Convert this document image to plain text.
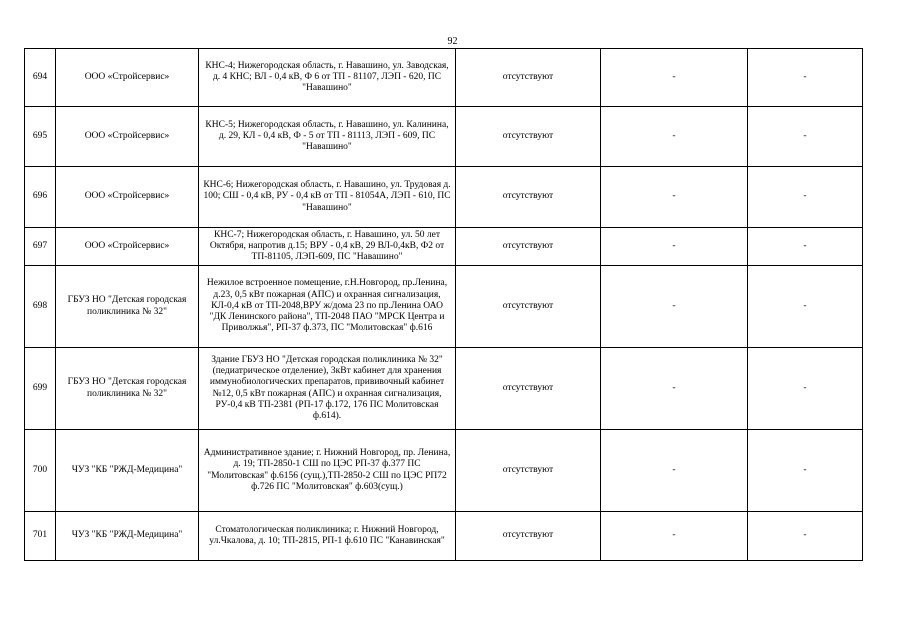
92
694	ООО «Стройсервис»	КНС-4; Нижегородская область, г. Навашино, ул. Заводская, д. 4 КНС; ВЛ - 0,4 кВ, Ф 6 от ТП - 81107, ЛЭП - 620, ПС "Навашино"	отсутствуют	-	-
695	ООО «Стройсервис»	КНС-5; Нижегородская область, г. Навашино, ул. Калинина, д. 29, КЛ - 0,4 кВ, Ф - 5 от ТП - 81113, ЛЭП - 609, ПС "Навашино"	отсутствуют	-	-
696	ООО «Стройсервис»	КНС-6; Нижегородская область, г. Навашино, ул. Трудовая д. 100; СШ - 0,4 кВ, РУ - 0,4 кВ от ТП - 81054А, ЛЭП - 610, ПС "Навашино"	отсутствуют	-	-
697	ООО «Стройсервис»	КНС-7; Нижегородская область, г. Навашино, ул. 50 лет Октября, напротив д.15; ВРУ - 0,4 кВ, 29 ВЛ-0,4кВ, Ф2 от ТП-81105, ЛЭП-609, ПС "Навашино"	отсутствуют	-	-
698	ГБУЗ НО "Детская городская поликлиника № 32"	Нежилое встроенное помещение, г.Н.Новгород, пр.Ленина, д.23, 0,5 кВт пожарная (АПС) и охранная сигнализация, КЛ-0,4 кВ от ТП-2048,ВРУ ж/дома 23 по пр.Ленина ОАО "ДК Ленинского района", ТП-2048 ПАО "МРСК Центра и Приволжья", РП-37 ф.373, ПС "Молитовская" ф.616	отсутствуют	-	-
699	ГБУЗ НО "Детская городская поликлиника № 32"	Здание ГБУЗ НО "Детская городская поликлиника № 32" (педиатрическое отделение), 3кВт кабинет для хранения иммунобиологических препаратов, прививочный кабинет №12, 0,5 кВт пожарная (АПС) и охранная сигнализация, РУ-0,4 кВ ТП-2381 (РП-17 ф.172, 176 ПС Молитовская ф.614).	отсутствуют	-	-
700	ЧУЗ "КБ "РЖД-Медицина"	Административное здание; г. Нижний Новгород, пр. Ленина, д. 19; ТП-2850-1 СШ по ЦЭС РП-37 ф.377 ПС "Молитовская" ф.6156 (сущ.),ТП-2850-2 СШ по ЦЭС РП72 ф.726 ПС "Молитовская" ф.603(сущ.)	отсутствуют	-	-
701	ЧУЗ "КБ "РЖД-Медицина"	Стоматологическая поликлиника; г. Нижний Новгород, ул.Чкалова, д. 10; ТП-2815, РП-1 ф.610 ПС "Канавинская"	отсутствуют	-	-
